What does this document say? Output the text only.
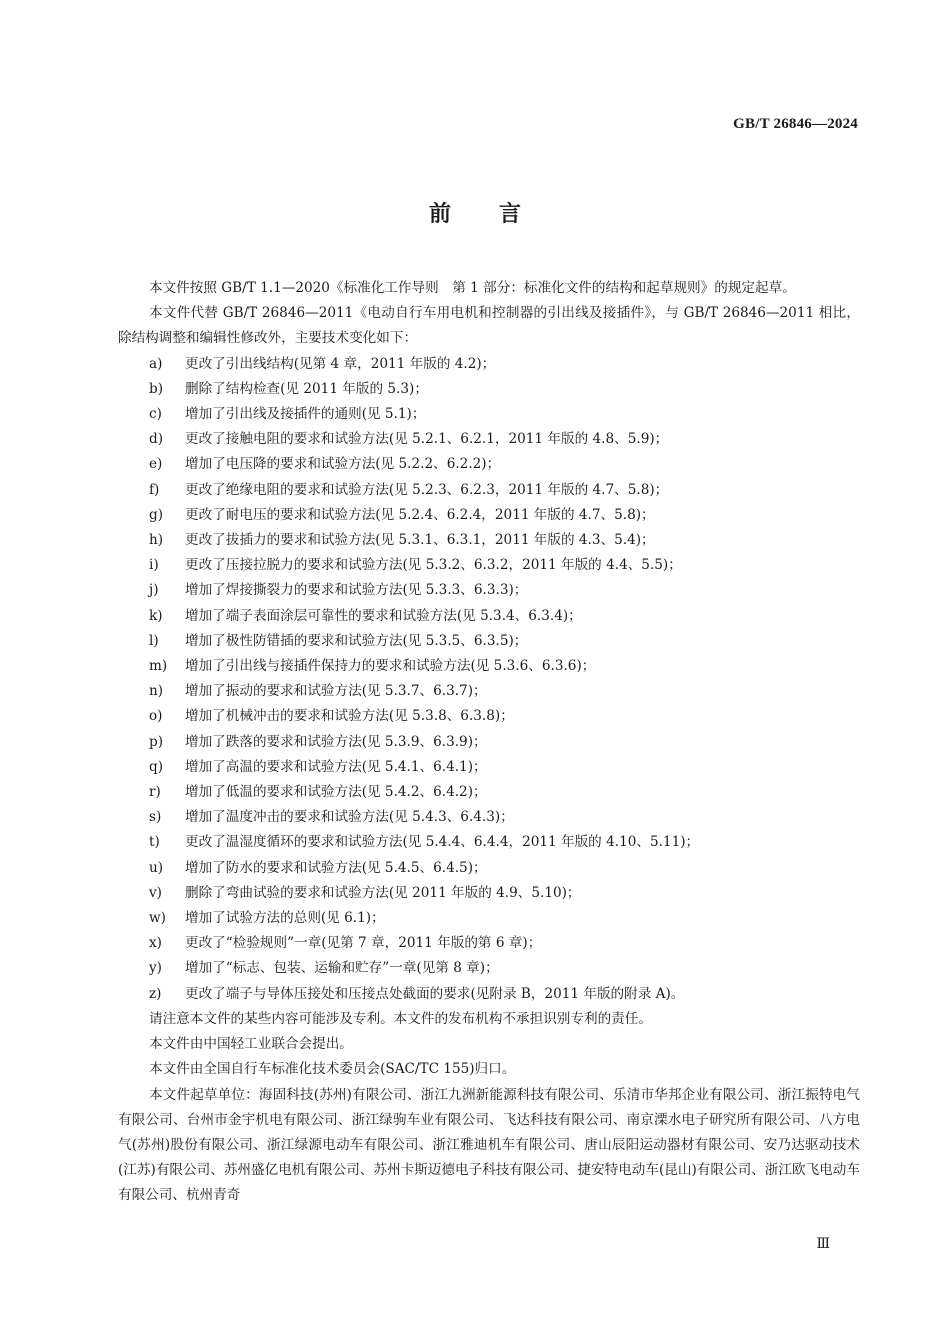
GB/T 26846—2024
前言

本文件按照 GB/T 1.1—2020《标准化工作导则　第 1 部分：标准化文件的结构和起草规则》的规定起草。

本文件代替 GB/T 26846—2011《电动自行车用电机和控制器的引出线及接插件》，与 GB/T 26846—2011 相比，除结构调整和编辑性修改外，主要技术变化如下：

a) 更改了引出线结构(见第 4 章，2011 年版的 4.2)；

b) 删除了结构检查(见 2011 年版的 5.3)；

c) 增加了引出线及接插件的通则(见 5.1)；

d) 更改了接触电阻的要求和试验方法(见 5.2.1、6.2.1，2011 年版的 4.8、5.9)；

e) 增加了电压降的要求和试验方法(见 5.2.2、6.2.2)；

f) 更改了绝缘电阻的要求和试验方法(见 5.2.3、6.2.3，2011 年版的 4.7、5.8)；

g) 更改了耐电压的要求和试验方法(见 5.2.4、6.2.4，2011 年版的 4.7、5.8)；

h) 更改了拔插力的要求和试验方法(见 5.3.1、6.3.1，2011 年版的 4.3、5.4)；

i) 更改了压接拉脱力的要求和试验方法(见 5.3.2、6.3.2，2011 年版的 4.4、5.5)；

j) 增加了焊接撕裂力的要求和试验方法(见 5.3.3、6.3.3)；

k) 增加了端子表面涂层可靠性的要求和试验方法(见 5.3.4、6.3.4)；

l) 增加了极性防错插的要求和试验方法(见 5.3.5、6.3.5)；

m) 增加了引出线与接插件保持力的要求和试验方法(见 5.3.6、6.3.6)；

n) 增加了振动的要求和试验方法(见 5.3.7、6.3.7)；

o) 增加了机械冲击的要求和试验方法(见 5.3.8、6.3.8)；

p) 增加了跌落的要求和试验方法(见 5.3.9、6.3.9)；

q) 增加了高温的要求和试验方法(见 5.4.1、6.4.1)；

r) 增加了低温的要求和试验方法(见 5.4.2、6.4.2)；

s) 增加了温度冲击的要求和试验方法(见 5.4.3、6.4.3)；

t) 更改了温湿度循环的要求和试验方法(见 5.4.4、6.4.4，2011 年版的 4.10、5.11)；

u) 增加了防水的要求和试验方法(见 5.4.5、6.4.5)；

v) 删除了弯曲试验的要求和试验方法(见 2011 年版的 4.9、5.10)；

w) 增加了试验方法的总则(见 6.1)；

x) 更改了“检验规则”一章(见第 7 章，2011 年版的第 6 章)；

y) 增加了“标志、包装、运输和贮存”一章(见第 8 章)；

z) 更改了端子与导体压接处和压接点处截面的要求(见附录 B，2011 年版的附录 A)。

请注意本文件的某些内容可能涉及专利。本文件的发布机构不承担识别专利的责任。

本文件由中国轻工业联合会提出。

本文件由全国自行车标准化技术委员会(SAC/TC 155)归口。

本文件起草单位：海固科技(苏州)有限公司、浙江九洲新能源科技有限公司、乐清市华邦企业有限公司、浙江振特电气有限公司、台州市金宇机电有限公司、浙江绿驹车业有限公司、飞达科技有限公司、南京溧水电子研究所有限公司、八方电气(苏州)股份有限公司、浙江绿源电动车有限公司、浙江雅迪机车有限公司、唐山辰阳运动器材有限公司、安乃达驱动技术(江苏)有限公司、苏州盛亿电机有限公司、苏州卡斯迈德电子科技有限公司、捷安特电动车(昆山)有限公司、浙江欧飞电动车有限公司、杭州青奇

Ⅲ
